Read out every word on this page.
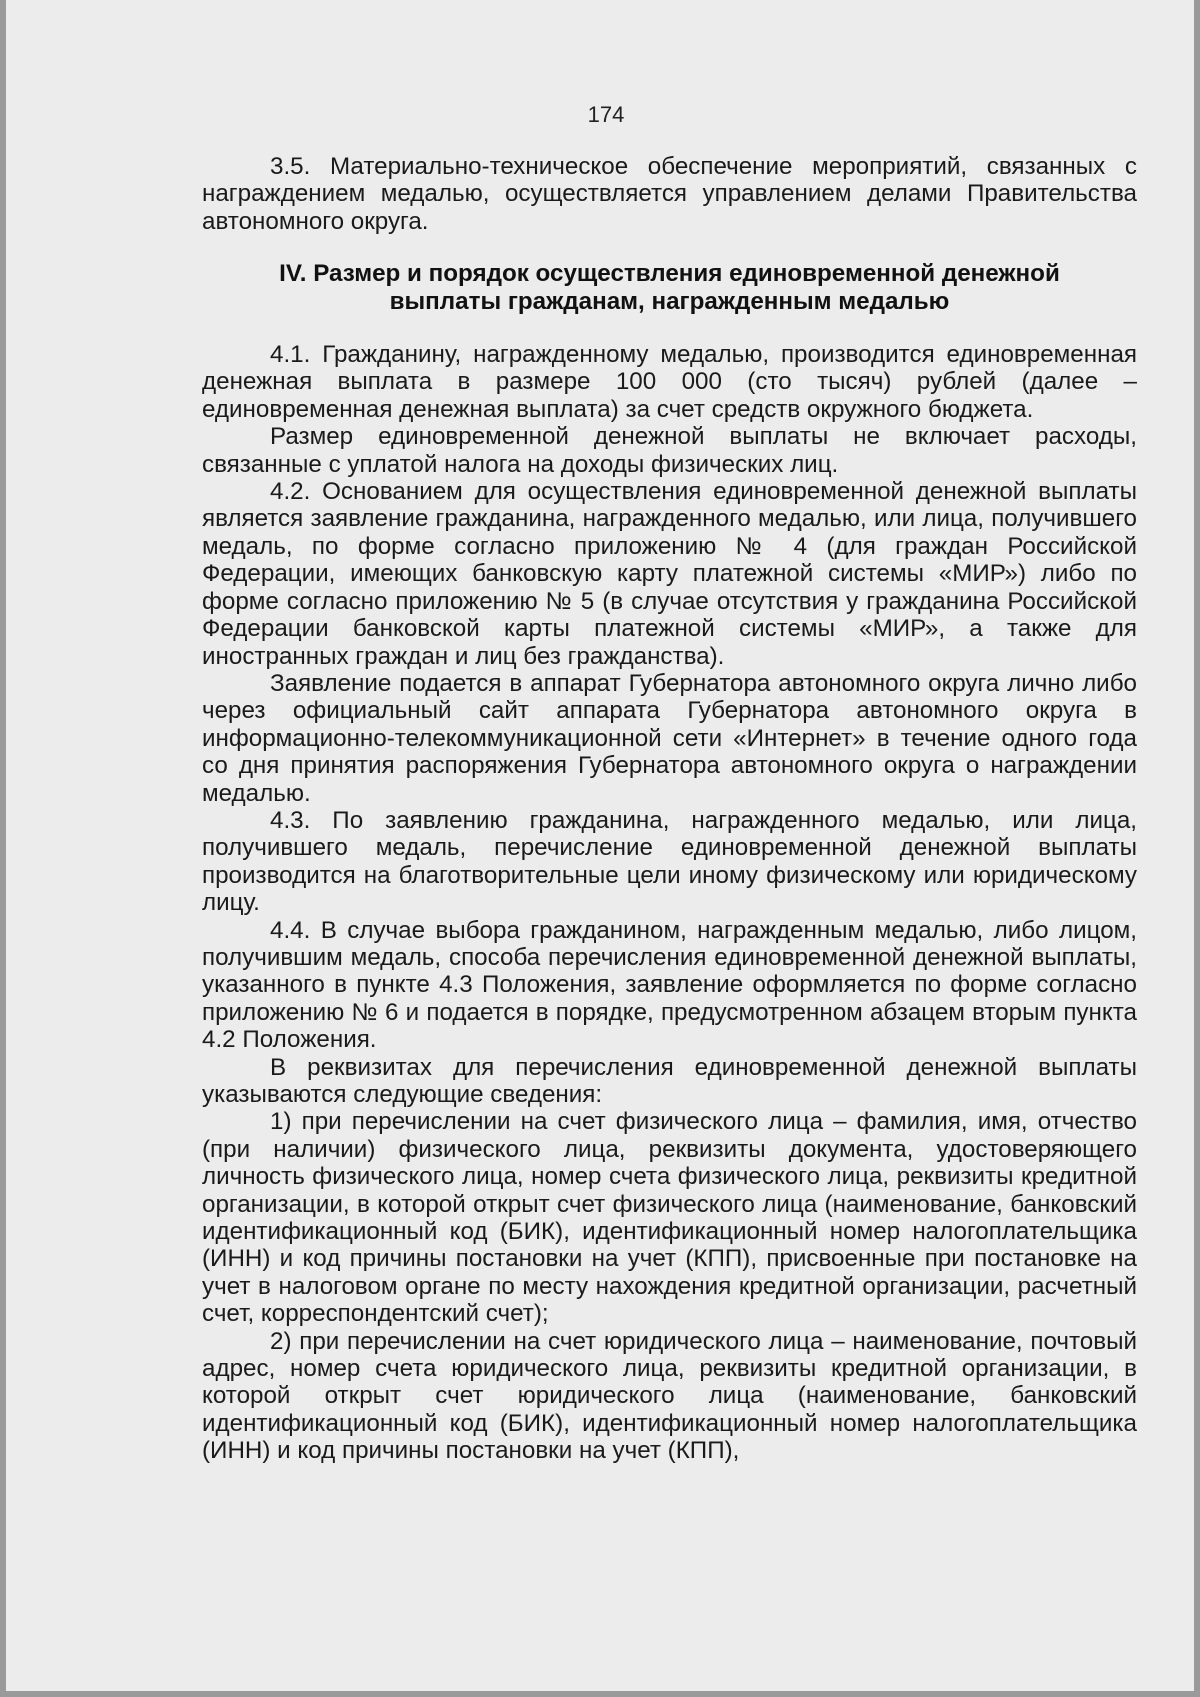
174

3.5. Материально-техническое обеспечение мероприятий, связанных с награждением медалью, осуществляется управлением делами Правительства автономного округа.

IV. Размер и порядок осуществления единовременной денежной выплаты гражданам, награжденным медалью

4.1. Гражданину, награжденному медалью, производится единовременная денежная выплата в размере 100 000 (сто тысяч) рублей (далее – единовременная денежная выплата) за счет средств окружного бюджета.

Размер единовременной денежной выплаты не включает расходы, связанные с уплатой налога на доходы физических лиц.

4.2. Основанием для осуществления единовременной денежной выплаты является заявление гражданина, награжденного медалью, или лица, получившего медаль, по форме согласно приложению № 4 (для граждан Российской Федерации, имеющих банковскую карту платежной системы «МИР») либо по форме согласно приложению № 5 (в случае отсутствия у гражданина Российской Федерации банковской карты платежной системы «МИР», а также для иностранных граждан и лиц без гражданства).

Заявление подается в аппарат Губернатора автономного округа лично либо через официальный сайт аппарата Губернатора автономного округа в информационно-телекоммуникационной сети «Интернет» в течение одного года со дня принятия распоряжения Губернатора автономного округа о награждении медалью.

4.3. По заявлению гражданина, награжденного медалью, или лица, получившего медаль, перечисление единовременной денежной выплаты производится на благотворительные цели иному физическому или юридическому лицу.

4.4. В случае выбора гражданином, награжденным медалью, либо лицом, получившим медаль, способа перечисления единовременной денежной выплаты, указанного в пункте 4.3 Положения, заявление оформляется по форме согласно приложению № 6 и подается в порядке, предусмотренном абзацем вторым пункта 4.2 Положения.

В реквизитах для перечисления единовременной денежной выплаты указываются следующие сведения:

1) при перечислении на счет физического лица – фамилия, имя, отчество (при наличии) физического лица, реквизиты документа, удостоверяющего личность физического лица, номер счета физического лица, реквизиты кредитной организации, в которой открыт счет физического лица (наименование, банковский идентификационный код (БИК), идентификационный номер налогоплательщика (ИНН) и код причины постановки на учет (КПП), присвоенные при постановке на учет в налоговом органе по месту нахождения кредитной организации, расчетный счет, корреспондентский счет);

2) при перечислении на счет юридического лица – наименование, почтовый адрес, номер счета юридического лица, реквизиты кредитной организации, в которой открыт счет юридического лица (наименование, банковский идентификационный код (БИК), идентификационный номер налогоплательщика (ИНН) и код причины постановки на учет (КПП),
